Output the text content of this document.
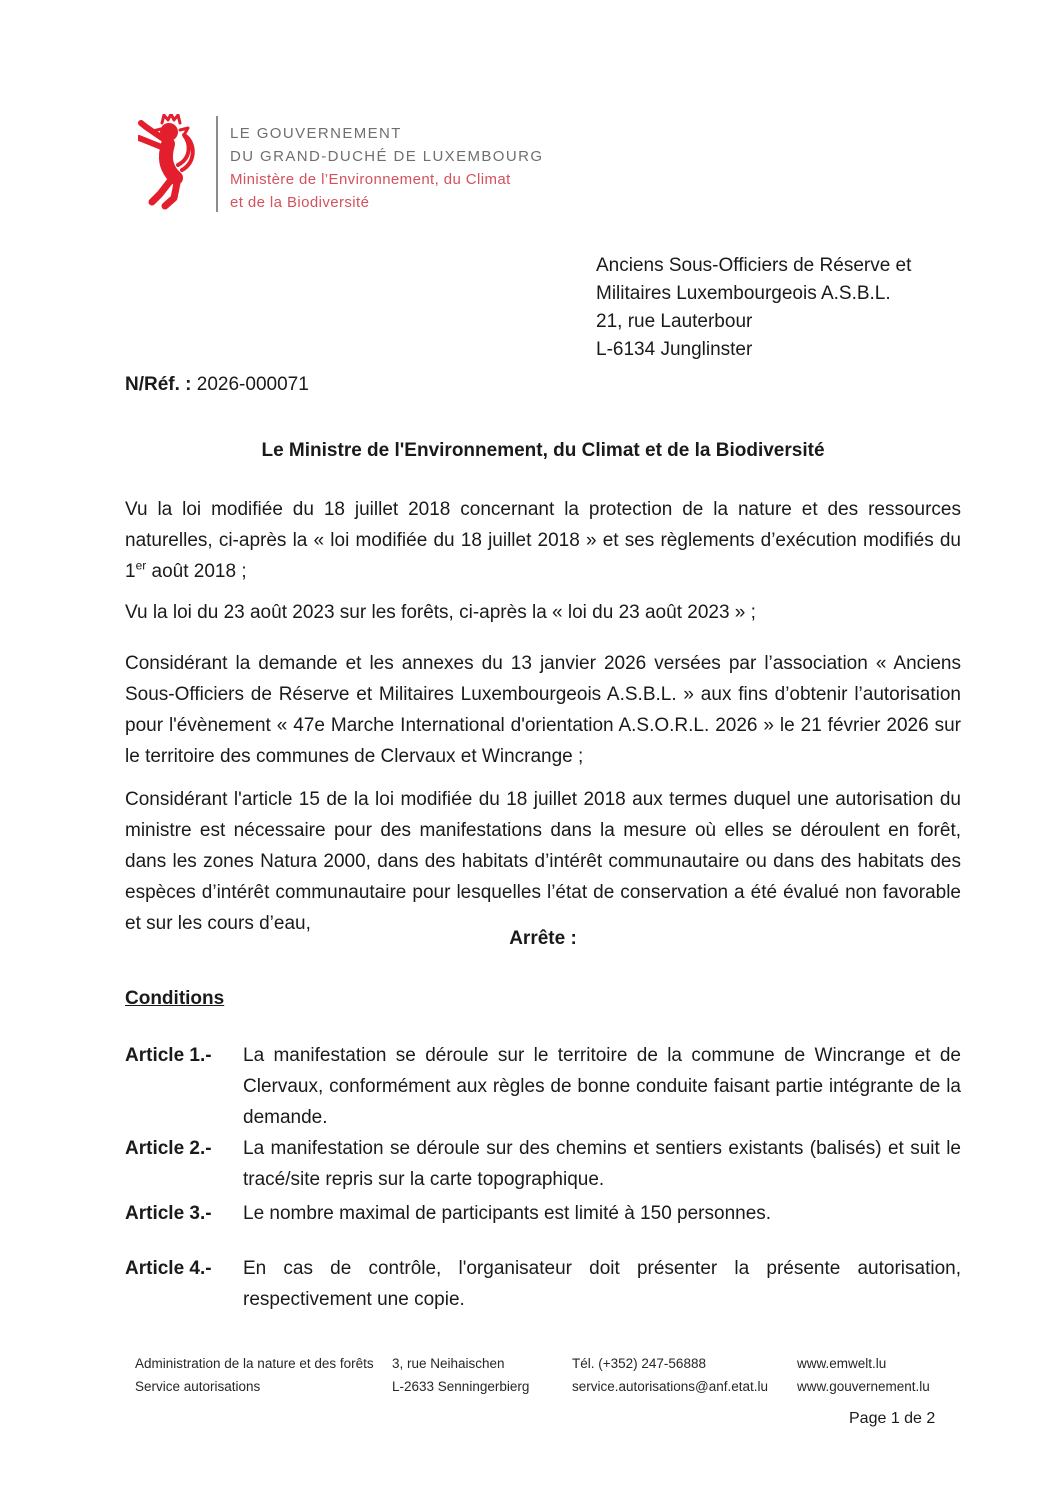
LE GOUVERNEMENT
DU GRAND-DUCHÉ DE LUXEMBOURG
Ministère de l’Environnement, du Climat
et de la Biodiversité
Anciens Sous-Officiers de Réserve et
Militaires Luxembourgeois A.S.B.L.
21, rue Lauterbour
L-6134 Junglinster
N/Réf. : 2026-000071
Le Ministre de l'Environnement, du Climat et de la Biodiversité
Vu la loi modifiée du 18 juillet 2018 concernant la protection de la nature et des ressources naturelles, ci-après la « loi modifiée du 18 juillet 2018 » et ses règlements d’exécution modifiés du 1er août 2018 ;
Vu la loi du 23 août 2023 sur les forêts, ci-après la « loi du 23 août 2023 » ;
Considérant la demande et les annexes du 13 janvier 2026 versées par l’association « Anciens Sous-Officiers de Réserve et Militaires Luxembourgeois A.S.B.L. » aux fins d’obtenir l’autorisation pour l'évènement « 47e Marche International d'orientation A.S.O.R.L. 2026 » le 21 février 2026 sur le territoire des communes de Clervaux et Wincrange ;
Considérant l'article 15 de la loi modifiée du 18 juillet 2018 aux termes duquel une autorisation du ministre est nécessaire pour des manifestations dans la mesure où elles se déroulent en forêt, dans les zones Natura 2000, dans des habitats d’intérêt communautaire ou dans des habitats des espèces d’intérêt communautaire pour lesquelles l’état de conservation a été évalué non favorable et sur les cours d’eau,
Arrête :
Conditions
Article 1.- La manifestation se déroule sur le territoire de la commune de Wincrange et de Clervaux, conformément aux règles de bonne conduite faisant partie intégrante de la demande.
Article 2.- La manifestation se déroule sur des chemins et sentiers existants (balisés) et suit le tracé/site repris sur la carte topographique.
Article 3.- Le nombre maximal de participants est limité à 150 personnes.
Article 4.- En cas de contrôle, l'organisateur doit présenter la présente autorisation, respectivement une copie.
Administration de la nature et des forêts
Service autorisations
3, rue Neihaischen
L-2633 Senningerbierg
Tél. (+352) 247-56888
service.autorisations@anf.etat.lu
www.emwelt.lu
www.gouvernement.lu
Page 1 de 2
